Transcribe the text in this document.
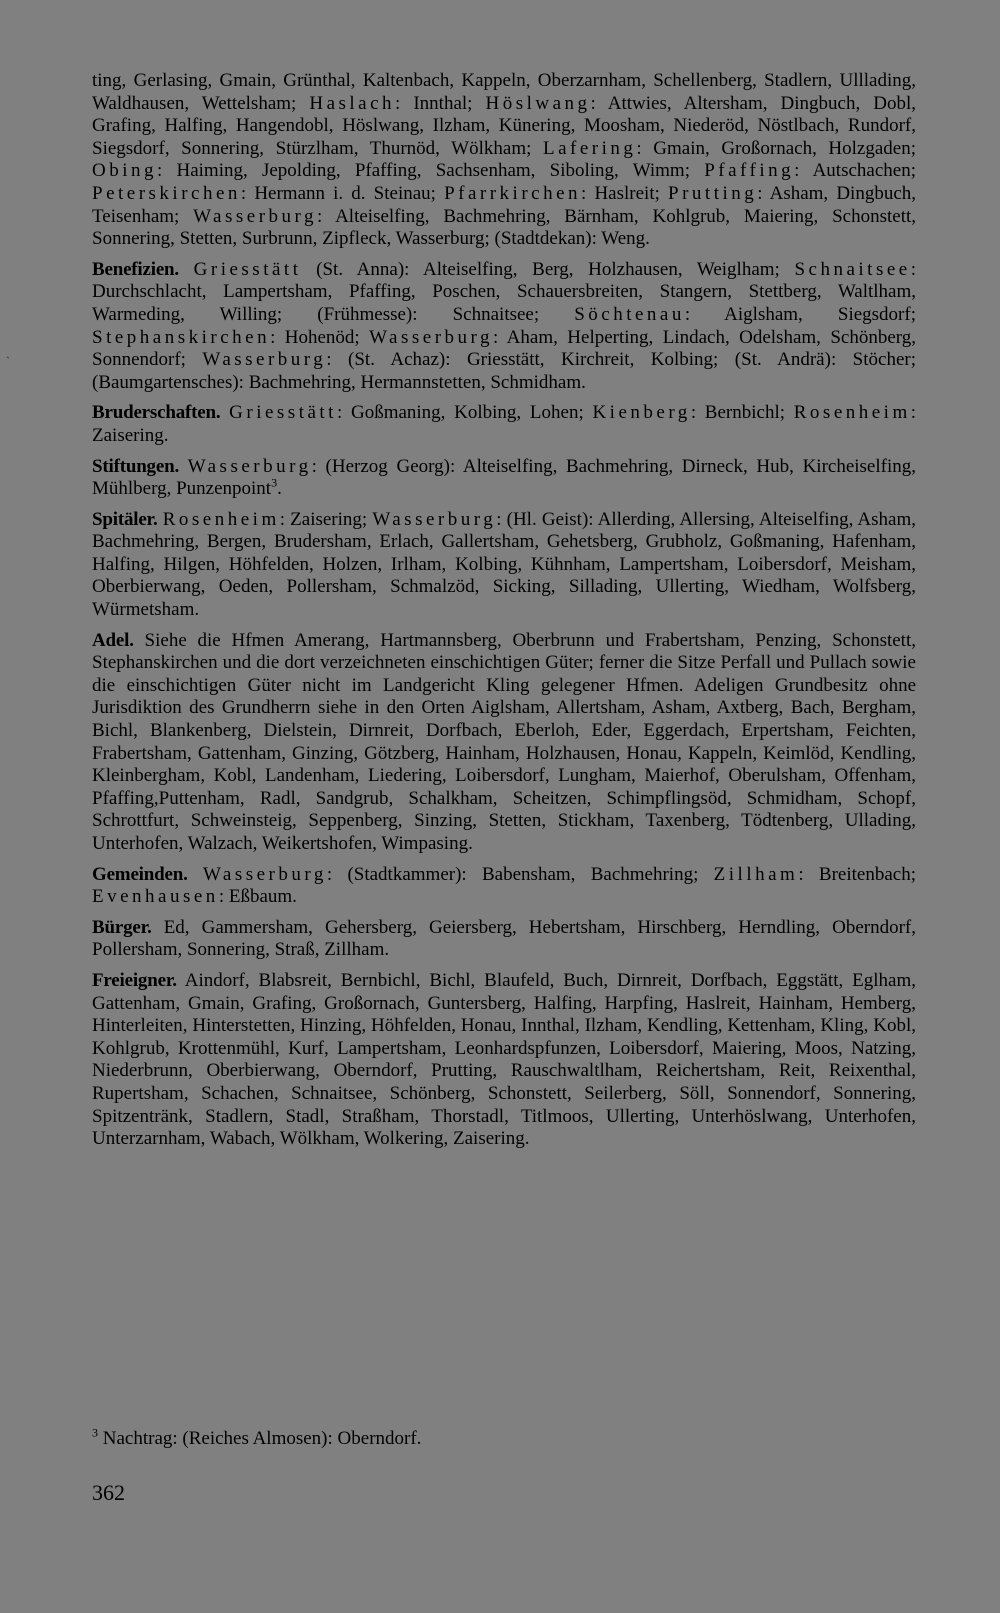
ˎ

ting, Gerlasing, Gmain, Grünthal, Kaltenbach, Kappeln, Oberzarnham, Schellenberg, Stadlern, Ulllading, Waldhausen, Wettelsham; Haslach: Innthal; Höslwang: Attwies, Altersham, Dingbuch, Dobl, Grafing, Halfing, Hangendobl, Höslwang, Ilzham, Künering, Moosham, Niederöd, Nöstlbach, Rundorf, Siegsdorf, Sonnering, Stürzlham, Thurnöd, Wölkham; Lafering: Gmain, Großornach, Holzgaden; Obing: Haiming, Jepolding, Pfaffing, Sachsenham, Siboling, Wimm; Pfaffing: Autschachen; Peterskirchen: Hermann i. d. Steinau; Pfarrkirchen: Haslreit; Prutting: Asham, Dingbuch, Teisenham; Wasserburg: Alteiselfing, Bachmehring, Bärnham, Kohlgrub, Maiering, Schonstett, Sonnering, Stetten, Surbrunn, Zipfleck, Wasserburg; (Stadtdekan): Weng.

Benefizien. Griesstätt (St. Anna): Alteiselfing, Berg, Holzhausen, Weiglham; Schnaitsee: Durchschlacht, Lampertsham, Pfaffing, Poschen, Schauersbreiten, Stangern, Stettberg, Waltlham, Warmeding, Willing; (Frühmesse): Schnaitsee; Söchtenau: Aiglsham, Siegsdorf; Stephanskirchen: Hohenöd; Wasserburg: Aham, Helperting, Lindach, Odelsham, Schönberg, Sonnendorf; Wasserburg: (St. Achaz): Griesstätt, Kirchreit, Kolbing; (St. Andrä): Stöcher; (Baumgartensches): Bachmehring, Hermannstetten, Schmidham.

Bruderschaften. Griesstätt: Goßmaning, Kolbing, Lohen; Kienberg: Bernbichl; Rosenheim: Zaisering.

Stiftungen. Wasserburg: (Herzog Georg): Alteiselfing, Bachmehring, Dirneck, Hub, Kircheiselfing, Mühlberg, Punzenpoint$^3$.

Spitäler. Rosenheim: Zaisering; Wasserburg: (Hl. Geist): Allerding, Allersing, Alteiselfing, Asham, Bachmehring, Bergen, Brudersham, Erlach, Gallertsham, Gehetsberg, Grubholz, Goßmaning, Hafenham, Halfing, Hilgen, Höhfelden, Holzen, Irlham, Kolbing, Kühnham, Lampertsham, Loibersdorf, Meisham, Oberbierwang, Oeden, Pollersham, Schmalzöd, Sicking, Sillading, Ullerting, Wiedham, Wolfsberg, Würmetsham.

Adel. Siehe die Hfmen Amerang, Hartmannsberg, Oberbrunn und Frabertsham, Penzing, Schonstett, Stephanskirchen und die dort verzeichneten einschichtigen Güter; ferner die Sitze Perfall und Pullach sowie die einschichtigen Güter nicht im Landgericht Kling gelegener Hfmen. Adeligen Grundbesitz ohne Jurisdiktion des Grundherrn siehe in den Orten Aiglsham, Allertsham, Asham, Axtberg, Bach, Bergham, Bichl, Blankenberg, Dielstein, Dirnreit, Dorfbach, Eberloh, Eder, Eggerdach, Erpertsham, Feichten, Frabertsham, Gattenham, Ginzing, Götzberg, Hainham, Holzhausen, Honau, Kappeln, Keimlöd, Kendling, Kleinbergham, Kobl, Landenham, Liedering, Loibersdorf, Lungham, Maierhof, Oberulsham, Offenham, Pfaffing,Puttenham, Radl, Sandgrub, Schalkham, Scheitzen, Schimpflingsöd, Schmidham, Schopf, Schrottfurt, Schweinsteig, Seppenberg, Sinzing, Stetten, Stickham, Taxenberg, Tödtenberg, Ullading, Unterhofen, Walzach, Weikertshofen, Wimpasing.

Gemeinden. Wasserburg: (Stadtkammer): Babensham, Bachmehring; Zillham: Breitenbach; Evenhausen: Eßbaum.

Bürger. Ed, Gammersham, Gehersberg, Geiersberg, Hebertsham, Hirschberg, Herndling, Oberndorf, Pollersham, Sonnering, Straß, Zillham.

Freieigner. Aindorf, Blabsreit, Bernbichl, Bichl, Blaufeld, Buch, Dirnreit, Dorfbach, Eggstätt, Eglham, Gattenham, Gmain, Grafing, Großornach, Guntersberg, Halfing, Harpfing, Haslreit, Hainham, Hemberg, Hinterleiten, Hinterstetten, Hinzing, Höhfelden, Honau, Innthal, Ilzham, Kendling, Kettenham, Kling, Kobl, Kohlgrub, Krottenmühl, Kurf, Lampertsham, Leonhardspfunzen, Loibersdorf, Maiering, Moos, Natzing, Niederbrunn, Oberbierwang, Oberndorf, Prutting, Rauschwaltlham, Reichertsham, Reit, Reixenthal, Rupertsham, Schachen, Schnaitsee, Schönberg, Schonstett, Seilerberg, Söll, Sonnendorf, Sonnering, Spitzentränk, Stadlern, Stadl, Straßham, Thorstadl, Titlmoos, Ullerting, Unterhöslwang, Unterhofen, Unterzarnham, Wabach, Wölkham, Wolkering, Zaisering.

$^3$ Nachtrag: (Reiches Almosen): Oberndorf.
362
